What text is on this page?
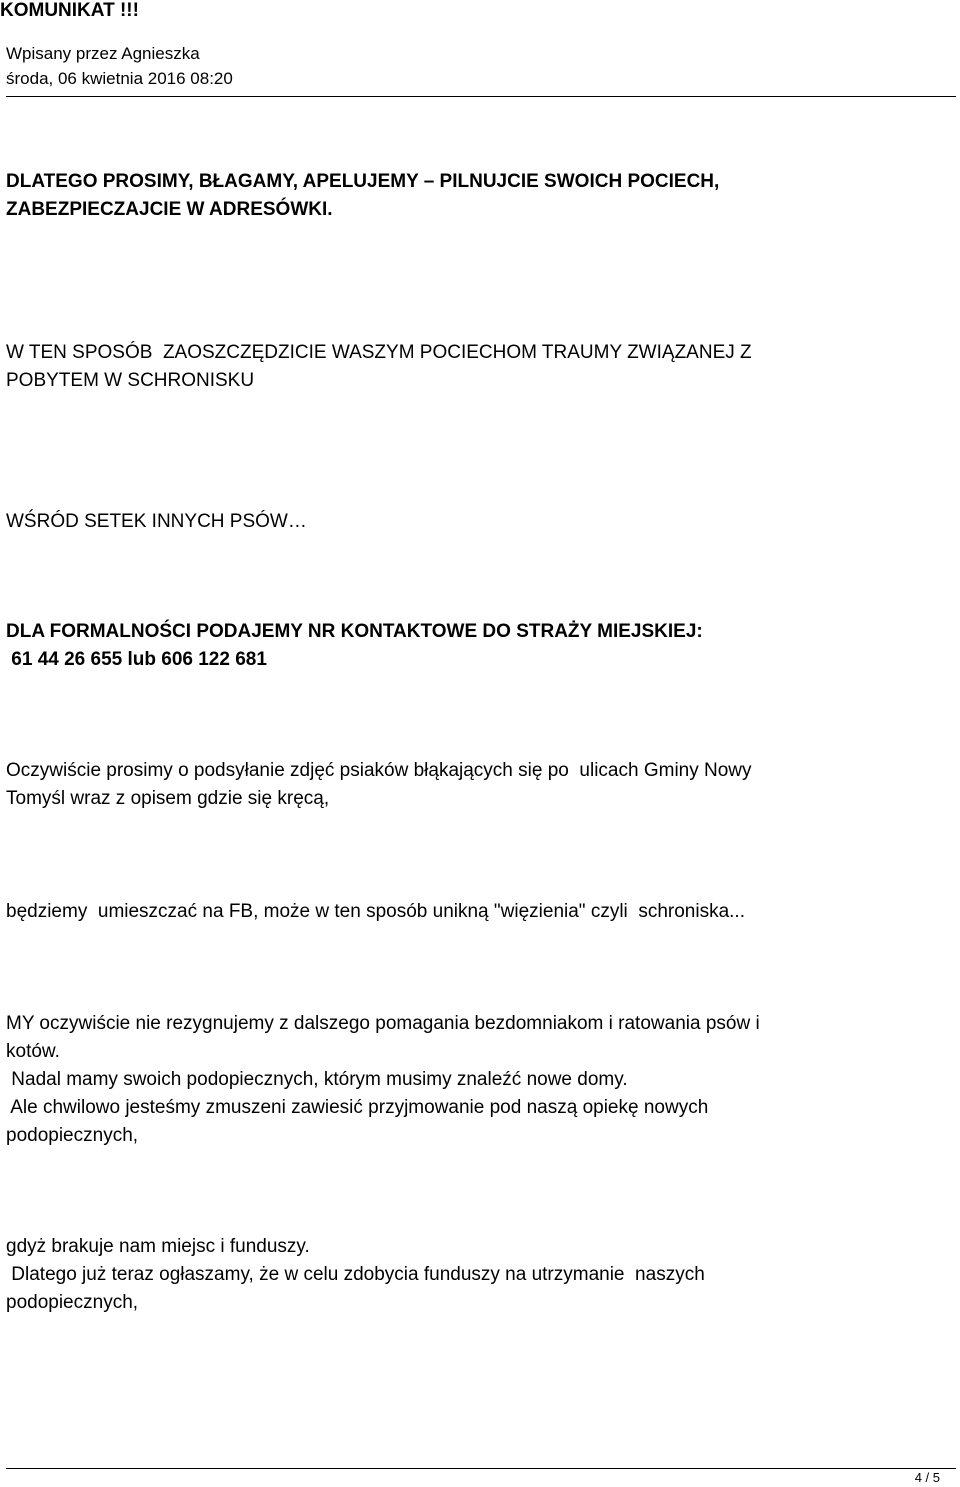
KOMUNIKAT !!!
Wpisany przez Agnieszka
środa, 06 kwietnia 2016 08:20
DLATEGO PROSIMY, BŁAGAMY, APELUJEMY – PILNUJCIE SWOICH POCIECH,
ZABEZPIECZAJCIE W ADRESÓWKI.
W TEN SPOSÓB  ZAOSZCZĘDZICIE WASZYM POCIECHOM TRAUMY ZWIĄZANEJ Z
POBYTEM W SCHRONISKU
WŚRÓD SETEK INNYCH PSÓW…
DLA FORMALNOŚCI PODAJEMY NR KONTAKTOWE DO STRAŻY MIEJSKIEJ:
61 44 26 655 lub 606 122 681
Oczywiście prosimy o podsyłanie zdjęć psiaków błąkających się po  ulicach Gminy Nowy
Tomyśl wraz z opisem gdzie się kręcą,
będziemy  umieszczać na FB, może w ten sposób unikną "więzienia" czyli  schroniska...
MY oczywiście nie rezygnujemy z dalszego pomagania bezdomniakom i ratowania psów i
kotów.
Nadal mamy swoich podopiecznych, którym musimy znaleźć nowe domy.
Ale chwilowo jesteśmy zmuszeni zawiesić przyjmowanie pod naszą opiekę nowych
podopiecznych,
gdyż brakuje nam miejsc i funduszy.
Dlatego już teraz ogłaszamy, że w celu zdobycia funduszy na utrzymanie  naszych
podopiecznych,
4 / 5
